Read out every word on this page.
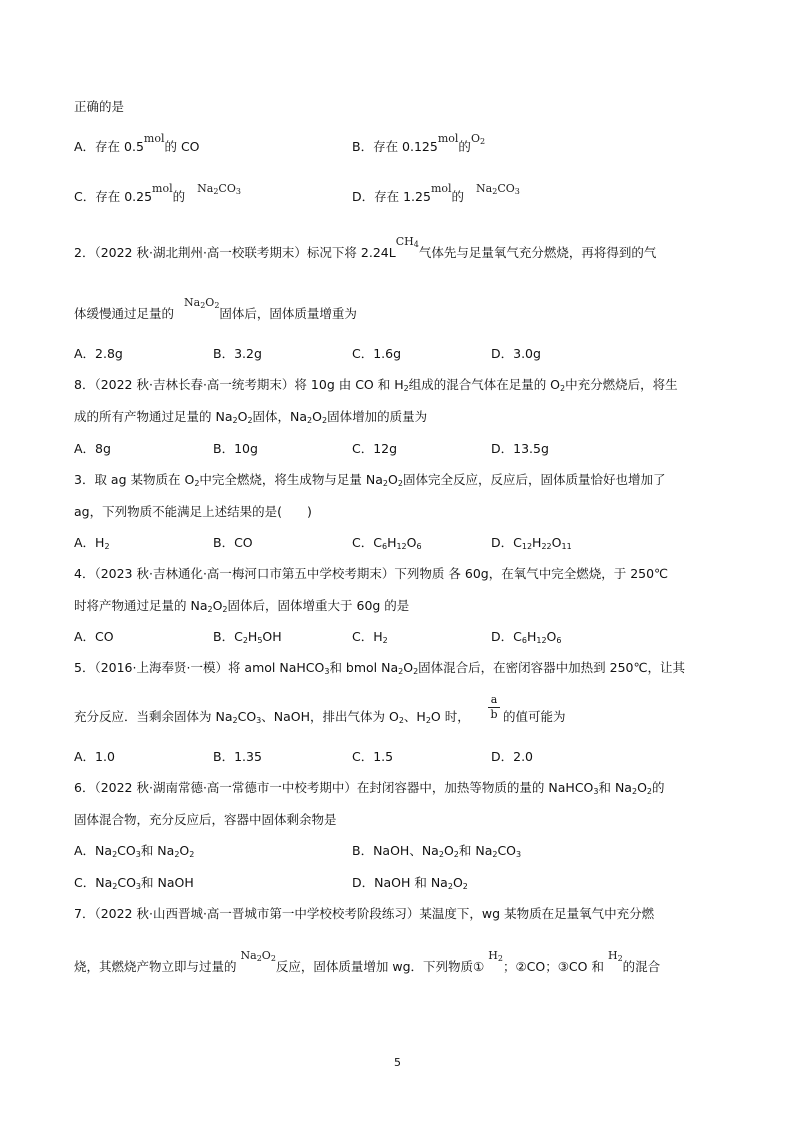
正确的是
A．存在 0.5mol的 CO	B．存在 0.125mol的$O_2$
C．存在 0.25mol的$Na_2CO_3$	D．存在 1.25mol的$Na_2CO_3$
2．（2022 秋·湖北荆州·高一校联考期末）标况下将 $2.24LCH_4$气体先与足量氧气充分燃烧，再将得到的气
体缓慢通过足量的$Na_2O_2$固体后，固体质量增重为
A．2.8g	B．3.2g	C．1.6g	D．3.0g
8．（2022 秋·吉林长春·高一统考期末）将 10g 由 CO 和 $H_2$组成的混合气体在足量的 $O_2$中充分燃烧后，将生
成的所有产物通过足量的 $Na_2O_2$固体，$Na_2O_2$固体增加的质量为
A．8g	B．10g	C．12g	D．13.5g
3．取 ag 某物质在 $O_2$中完全燃烧，将生成物与足量 $Na_2O_2$固体完全反应，反应后，固体质量恰好也增加了
ag，下列物质不能满足上述结果的是(　　)
A．$H_2$	B．CO	C．$C_6H_{12}O_6$	D．$C_{12}H_{22}O_{11}$
4．（2023 秋·吉林通化·高一梅河口市第五中学校考期末）下列物质 各 60g，在氧气中完全燃烧，于 250℃
时将产物通过足量的 $Na_2O_2$固体后，固体增重大于 60g 的是
A．CO	B．$C_2H_5OH$	C．$H_2$	D．$C_6H_{12}O_6$
5．（2016·上海奉贤·一模）将 amol NaHCO$_3$和 bmol $Na_2O_2$固体混合后，在密闭容器中加热到 250℃，让其
充分反应．当剩余固体为 $Na_2CO_3$、NaOH，排出气体为 $O_2$、$H_2O$ 时， $\frac{a}{b}$ 的值可能为
A．1.0	B．1.35	C．1.5	D．2.0
6．（2022 秋·湖南常德·高一常德市一中校考期中）在封闭容器中，加热等物质的量的 NaHCO$_3$和 $Na_2O_2$的
固体混合物，充分反应后，容器中固体剩余物是
A．$Na_2CO_3$和 $Na_2O_2$	B．NaOH、$Na_2O_2$和 $Na_2CO_3$
C．$Na_2CO_3$和 NaOH	D．NaOH 和 $Na_2O_2$
7．（2022 秋·山西晋城·高一晋城市第一中学校校考阶段练习）某温度下，wg 某物质在足量氧气中充分燃
烧，其燃烧产物立即与过量的$Na_2O_2$反应，固体质量增加 wg．下列物质$①H_2$；②CO；③CO 和$H_2$的混合
5
